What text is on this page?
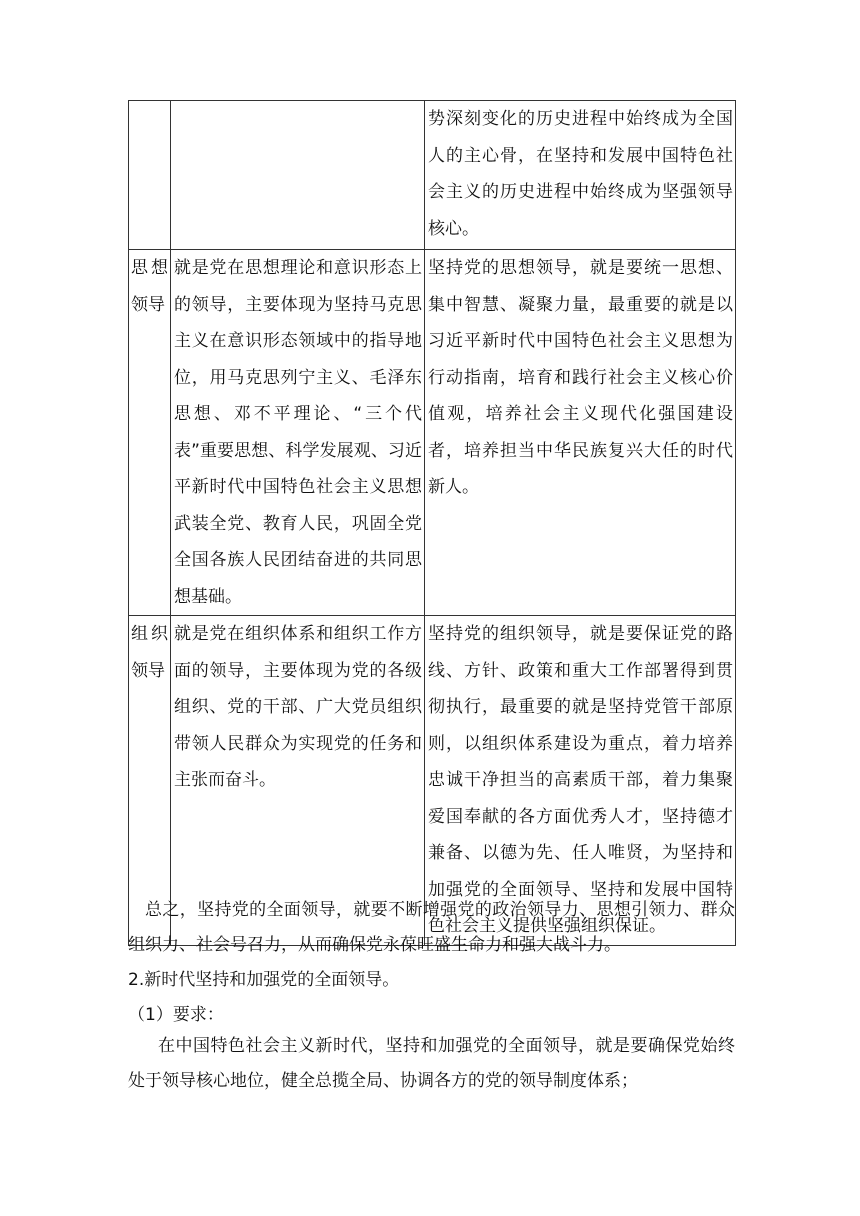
		势深刻变化的历史进程中始终成为全国人的主心骨，在坚持和发展中国特色社会主义的历史进程中始终成为坚强领导核心。
思想领导	就是党在思想理论和意识形态上的领导，主要体现为坚持马克思主义在意识形态领域中的指导地位，用马克思列宁主义、毛泽东思想、邓不平理论、“三个代表”重要思想、科学发展观、习近平新时代中国特色社会主义思想武装全党、教育人民，巩固全党全国各族人民团结奋进的共同思想基础。	坚持党的思想领导，就是要统一思想、集中智慧、凝聚力量，最重要的就是以习近平新时代中国特色社会主义思想为行动指南，培育和践行社会主义核心价值观，培养社会主义现代化强国建设者，培养担当中华民族复兴大任的时代新人。
组织领导	就是党在组织体系和组织工作方面的领导，主要体现为党的各级组织、党的干部、广大党员组织带领人民群众为实现党的任务和主张而奋斗。	坚持党的组织领导，就是要保证党的路线、方针、政策和重大工作部署得到贯彻执行，最重要的就是坚持党管干部原则，以组织体系建设为重点，着力培养忠诚干净担当的高素质干部，着力集聚爱国奉献的各方面优秀人才，坚持德才兼备、以德为先、任人唯贤，为坚持和加强党的全面领导、坚持和发展中国特色社会主义提供坚强组织保证。
总之，坚持党的全面领导，就要不断增强党的政治领导力、思想引领力、群众组织力、社会号召力，从而确保党永葆旺盛生命力和强大战斗力。
2.新时代坚持和加强党的全面领导。
（1）要求：
在中国特色社会主义新时代，坚持和加强党的全面领导，就是要确保党始终处于领导核心地位，健全总揽全局、协调各方的党的领导制度体系；
